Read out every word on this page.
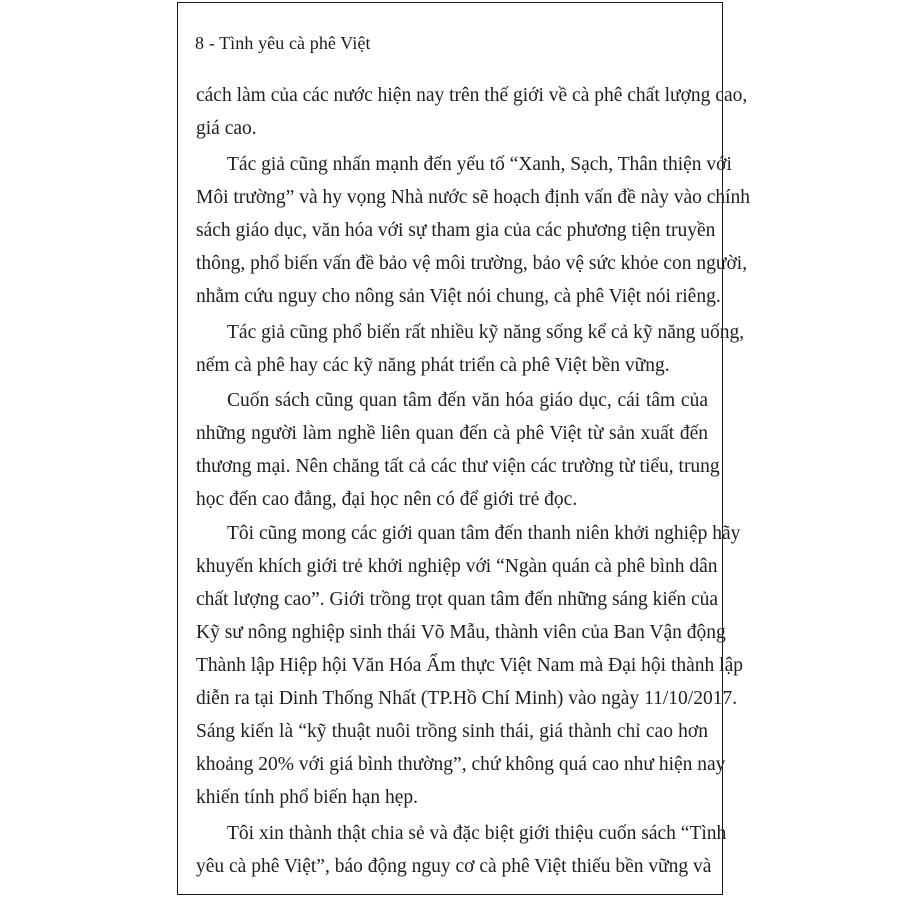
8 - Tình yêu cà phê Việt
cách làm của các nước hiện nay trên thế giới về cà phê chất lượng cao,
giá cao.
Tác giả cũng nhấn mạnh đến yếu tố “Xanh, Sạch, Thân thiện với
Môi trường” và hy vọng Nhà nước sẽ hoạch định vấn đề này vào chính
sách giáo dục, văn hóa với sự tham gia của các phương tiện truyền
thông, phổ biến vấn đề bảo vệ môi trường, bảo vệ sức khỏe con người,
nhằm cứu nguy cho nông sản Việt nói chung, cà phê Việt nói riêng.
Tác giả cũng phổ biến rất nhiều kỹ năng sống kể cả kỹ năng uống,
nếm cà phê hay các kỹ năng phát triển cà phê Việt bền vững.
Cuốn sách cũng quan tâm đến văn hóa giáo dục, cái tâm của
những người làm nghề liên quan đến cà phê Việt từ sản xuất đến
thương mại. Nên chăng tất cả các thư viện các trường từ tiểu, trung
học đến cao đẳng, đại học nên có để giới trẻ đọc.
Tôi cũng mong các giới quan tâm đến thanh niên khởi nghiệp hãy
khuyến khích giới trẻ khởi nghiệp với “Ngàn quán cà phê bình dân
chất lượng cao”. Giới trồng trọt quan tâm đến những sáng kiến của
Kỹ sư nông nghiệp sinh thái Võ Mẫu, thành viên của Ban Vận động
Thành lập Hiệp hội Văn Hóa Ẩm thực Việt Nam mà Đại hội thành lập
diễn ra tại Dinh Thống Nhất (TP.Hồ Chí Minh) vào ngày 11/10/2017.
Sáng kiến là “kỹ thuật nuôi trồng sinh thái, giá thành chỉ cao hơn
khoảng 20% với giá bình thường”, chứ không quá cao như hiện nay
khiến tính phổ biến hạn hẹp.
Tôi xin thành thật chia sẻ và đặc biệt giới thiệu cuốn sách “Tình
yêu cà phê Việt”, báo động nguy cơ cà phê Việt thiếu bền vững và
